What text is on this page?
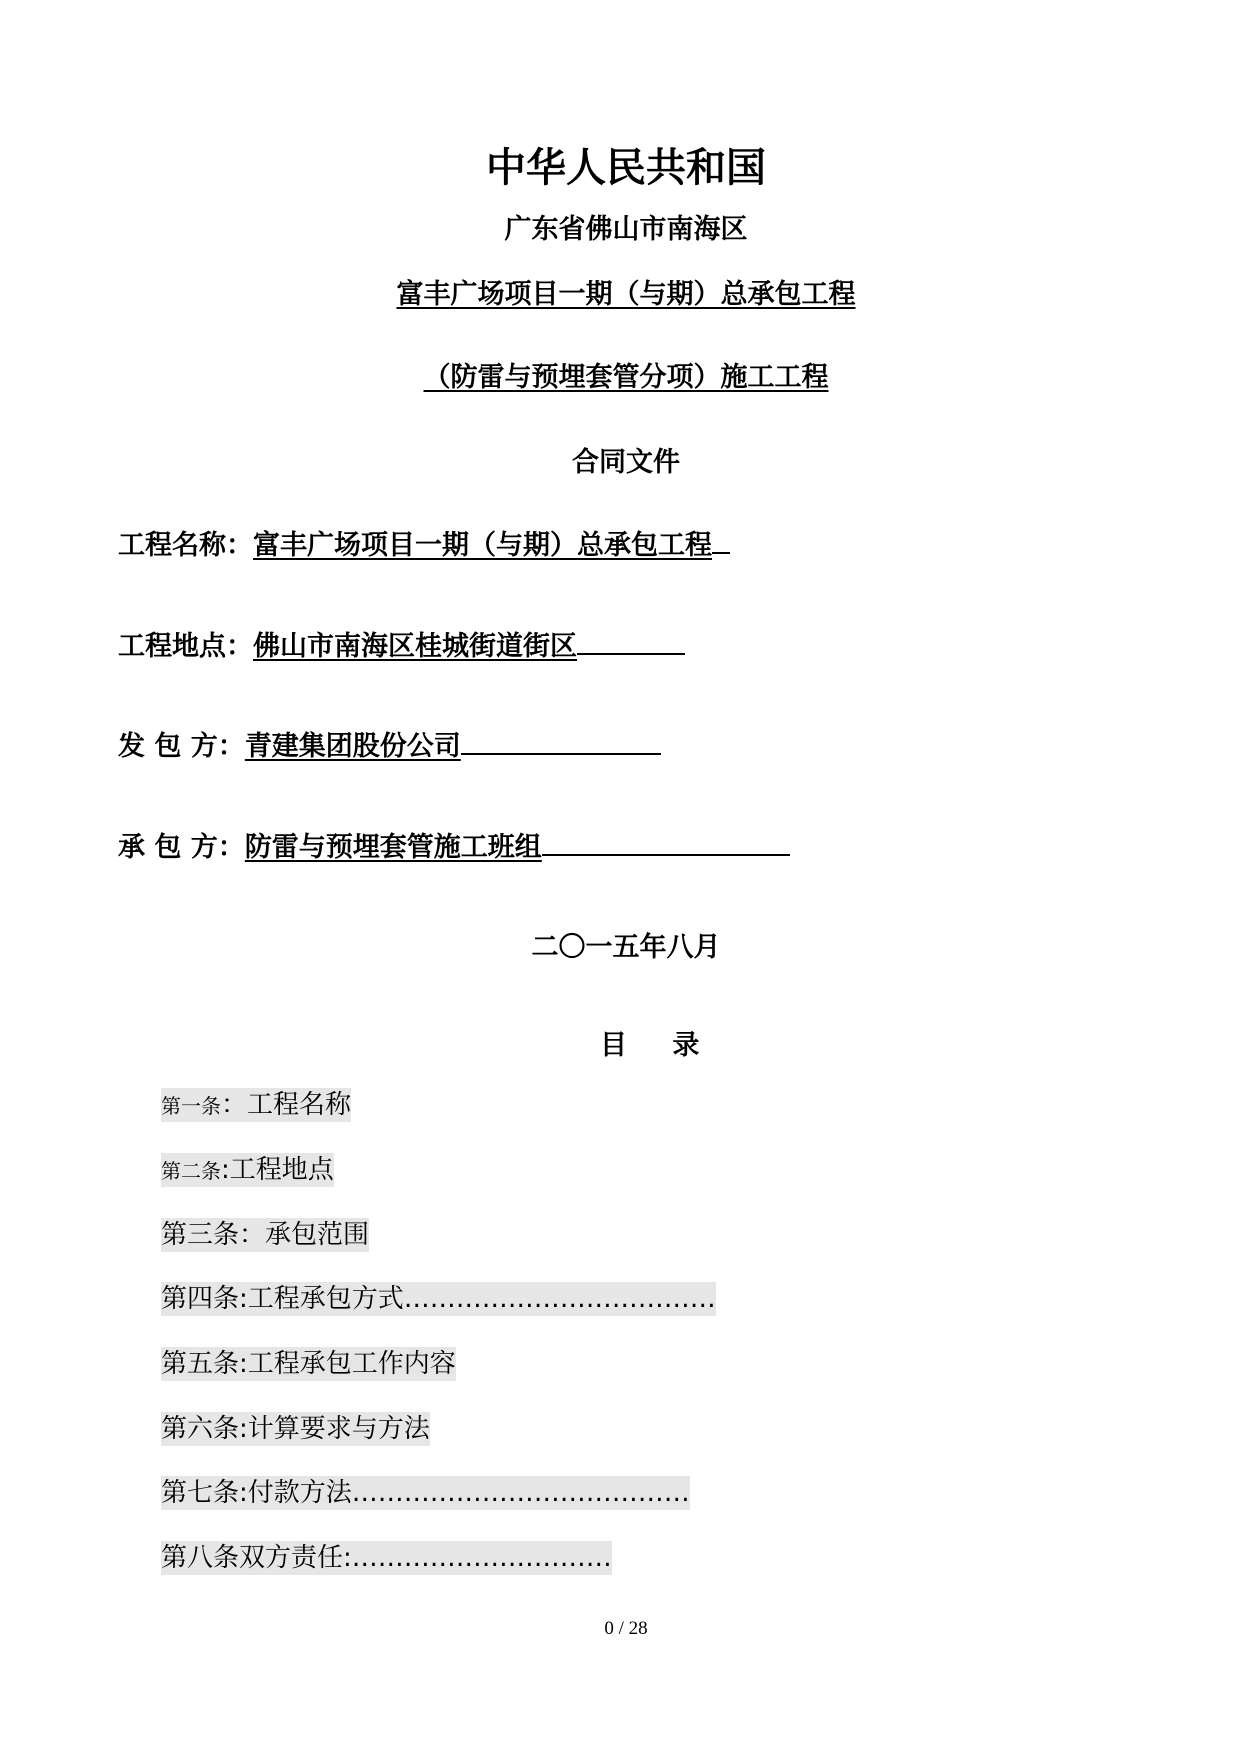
中华人民共和国
广东省佛山市南海区
富丰广场项目一期（与期）总承包工程
（防雷与预埋套管分项）施工工程
合同文件
工程名称：富丰广场项目一期（与期）总承包工程
工程地点：佛山市南海区桂城街道街区
发 包 方：青建集团股份公司
承 包 方：防雷与预埋套管施工班组
二〇一五年八月
目 录
第一条：工程名称
第二条:工程地点
第三条：承包范围
第四条:工程承包方式………………………………
第五条:工程承包工作内容
第六条:计算要求与方法
第七条:付款方法…………………………………
第八条双方责任:…………………………
0 / 28
